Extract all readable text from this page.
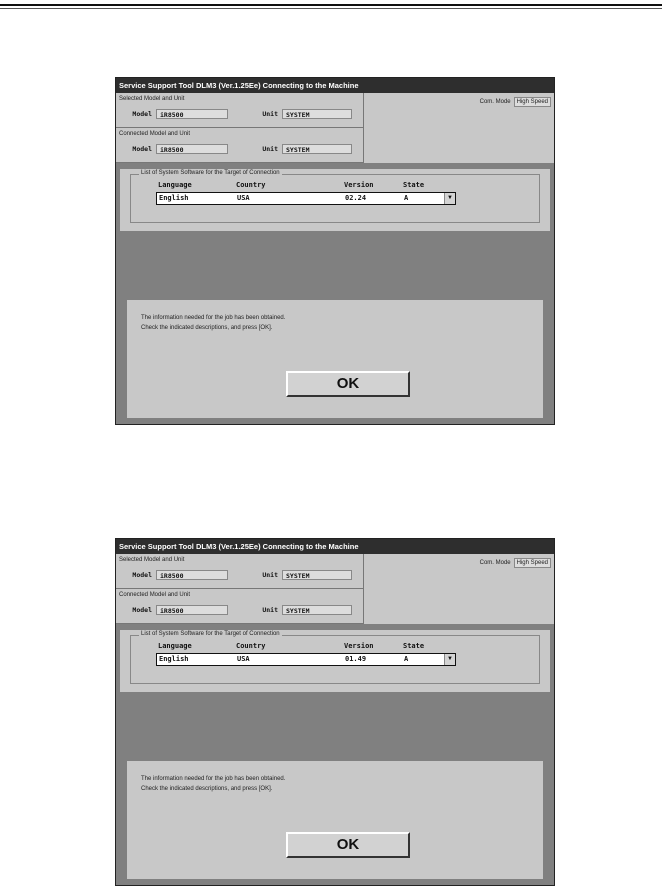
Service Support Tool DLM3 (Ver.1.25Ee) Connecting to the Machine
Selected Model and Unit
Model	iR8500	Unit	SYSTEM
Connected Model and Unit
Model	iR8500	Unit	SYSTEM
Com. Mode	High Speed
List of System Software for the Target of Connection
Language	Country	Version	State
English	USA	02.24	A	▼
The information needed for the job has been obtained.
Check the indicated descriptions, and press [OK].
OK
Service Support Tool DLM3 (Ver.1.25Ee) Connecting to the Machine
Selected Model and Unit
Model	iR8500	Unit	SYSTEM
Connected Model and Unit
Model	iR8500	Unit	SYSTEM
Com. Mode	High Speed
List of System Software for the Target of Connection
Language	Country	Version	State
English	USA	01.49	A	▼
The information needed for the job has been obtained.
Check the indicated descriptions, and press [OK].
OK
